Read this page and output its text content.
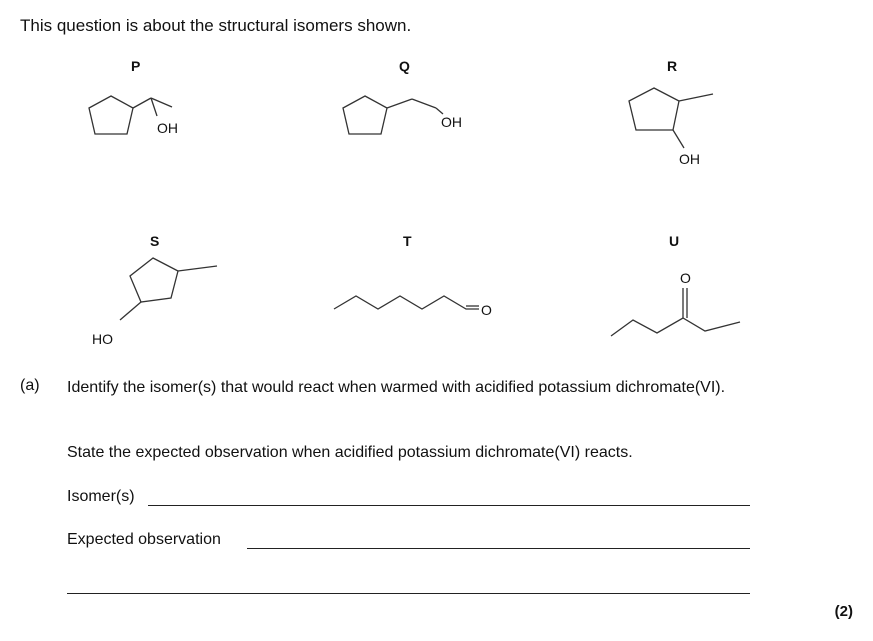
This question is about the structural isomers shown.
P	Q	R
S	T	U
OH	OH
OH
HO
O
O
(a) Identify the isomer(s) that would react when warmed with acidified potassium dichromate(VI).
State the expected observation when acidified potassium dichromate(VI) reacts.
Isomer(s)
Expected observation
(2)
